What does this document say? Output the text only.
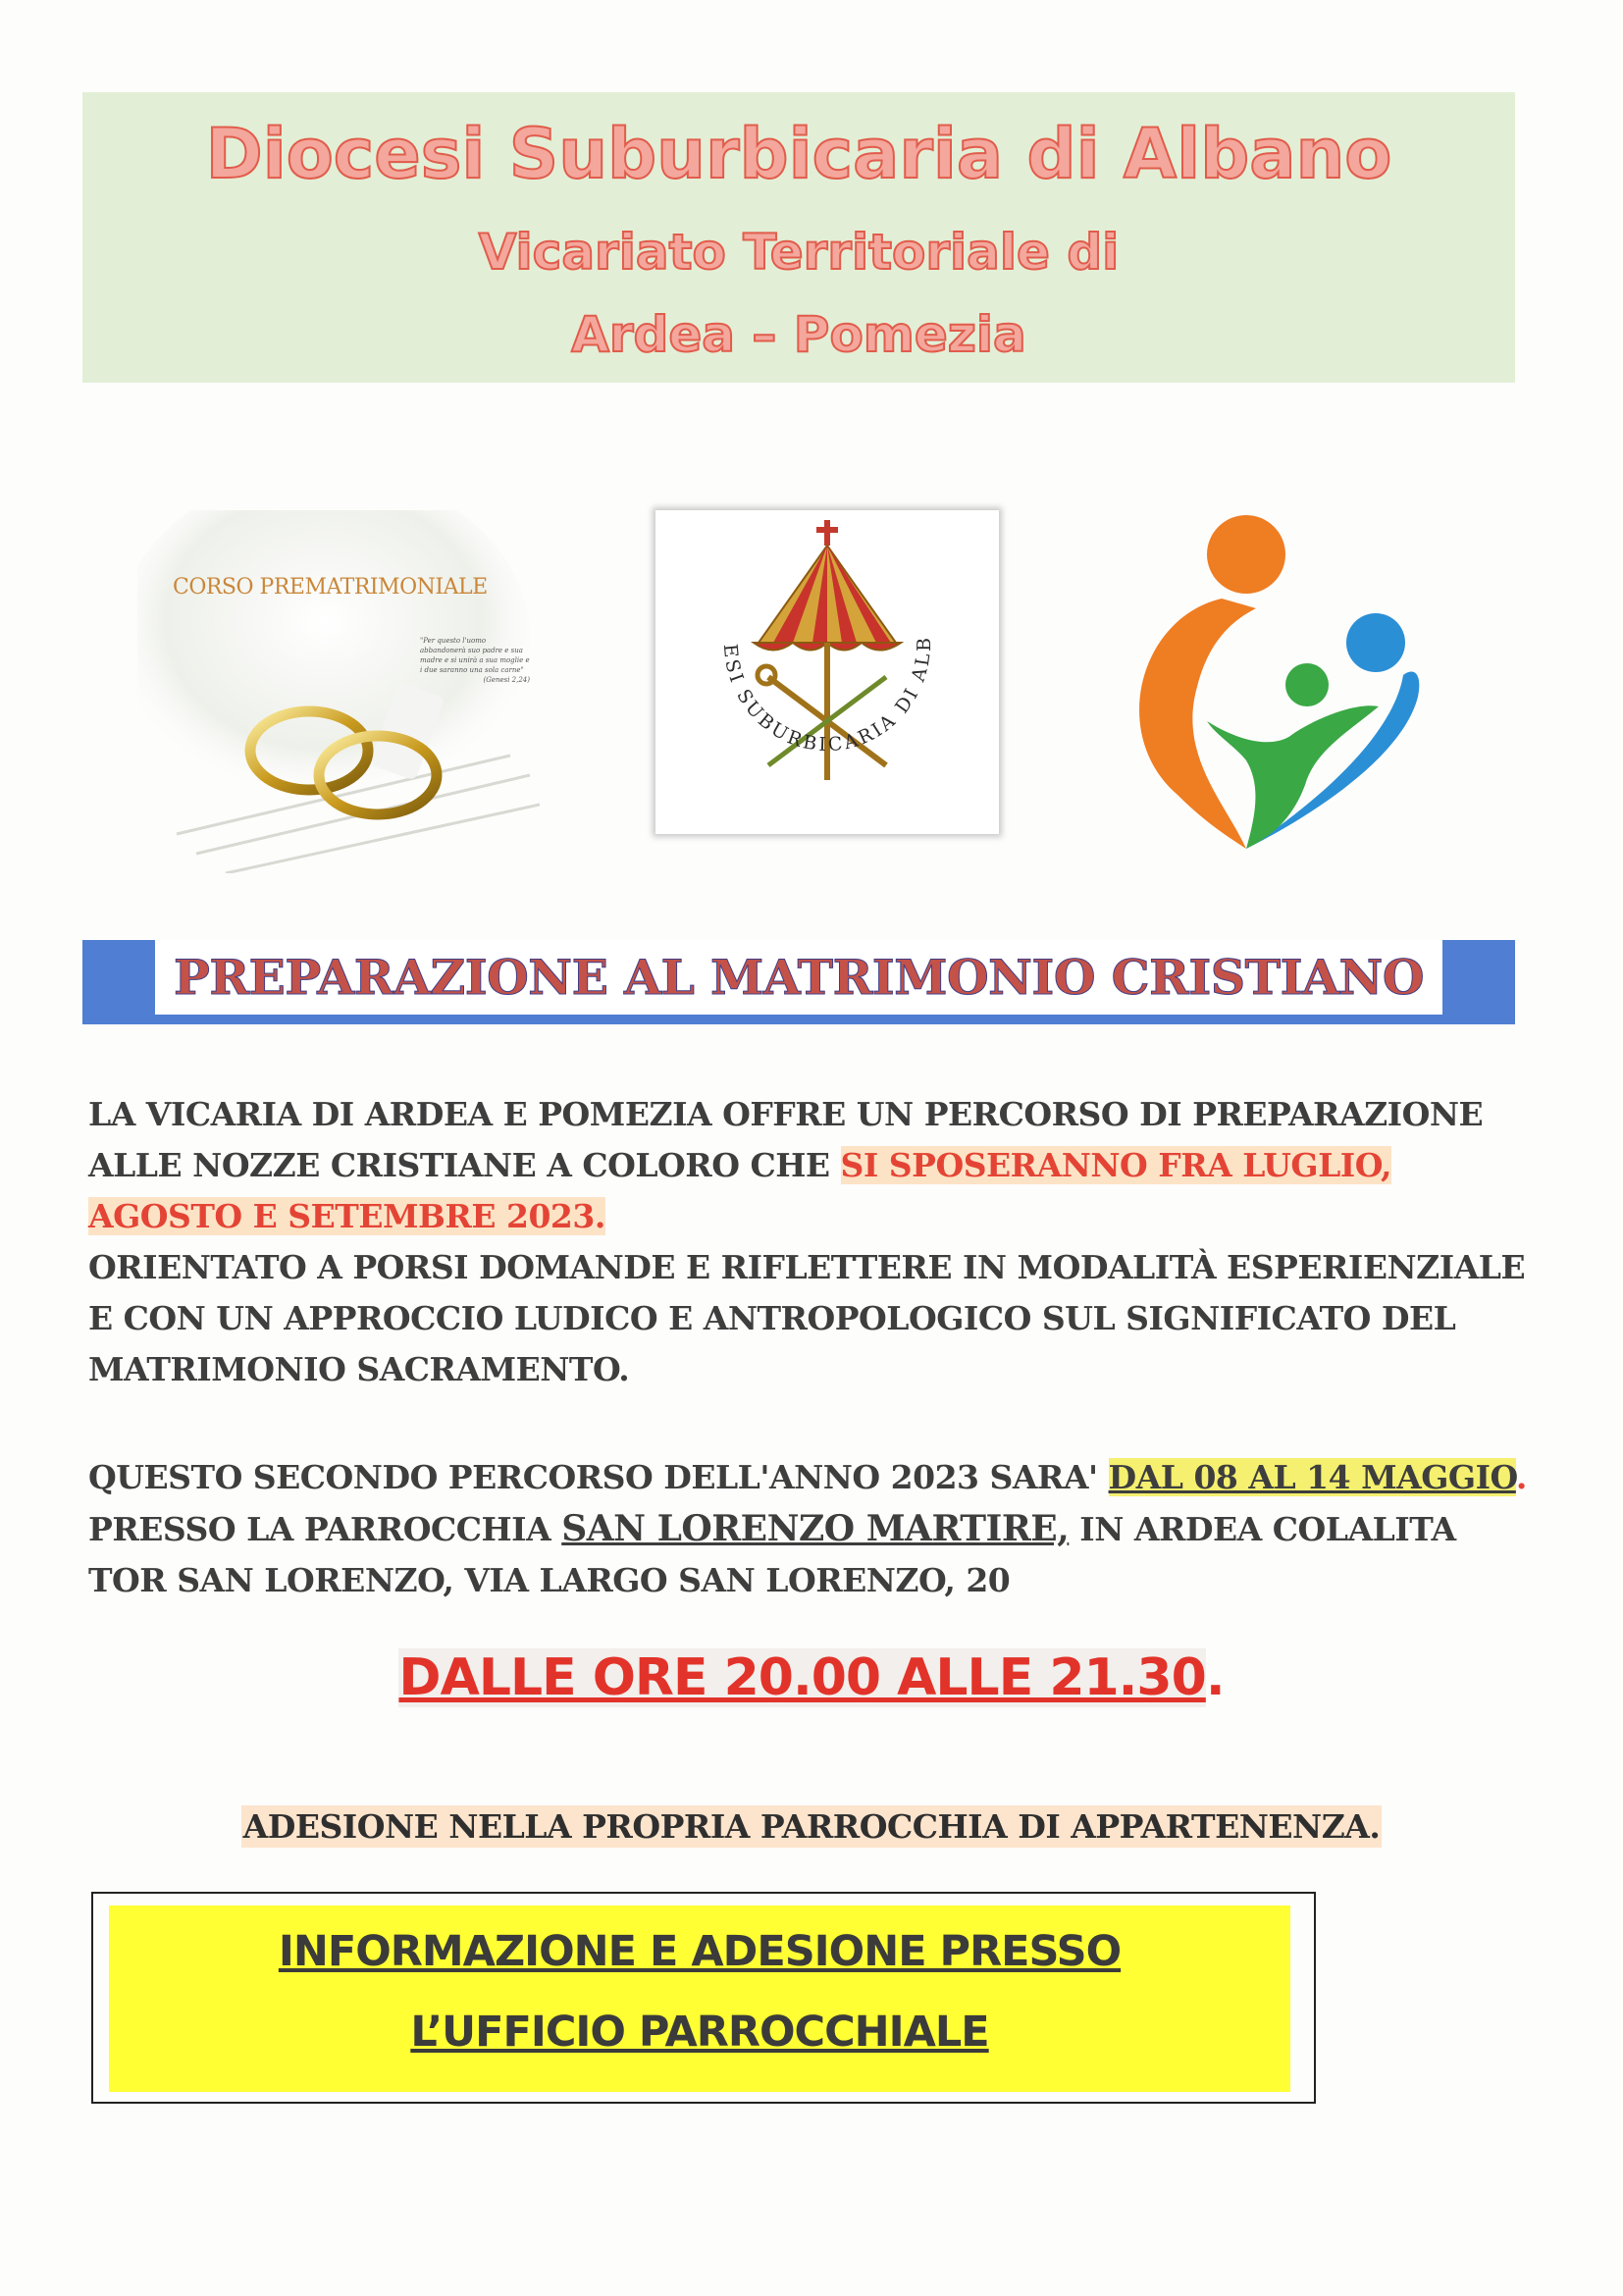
Diocesi Suburbicaria di Albano
Vicariato Territoriale di
Ardea – Pomezia
CORSO PREMATRIMONIALE
"Per questo l'uomo abbandonerà suo padre e sua madre e si unirà a sua moglie e i due saranno una sola carne"
(Genesi 2,24)
ESI SUBURBICARIA DI ALB
PREPARAZIONE AL MATRIMONIO CRISTIANO
LA VICARIA DI ARDEA E POMEZIA OFFRE UN PERCORSO DI PREPARAZIONE ALLE NOZZE CRISTIANE A COLORO CHE SI SPOSERANNO FRA LUGLIO, AGOSTO E SETEMBRE 2023.
ORIENTATO A PORSI DOMANDE E RIFLETTERE IN MODALITÀ ESPERIENZIALE E CON UN APPROCCIO LUDICO E ANTROPOLOGICO SUL SIGNIFICATO DEL MATRIMONIO SACRAMENTO.
QUESTO SECONDO PERCORSO DELL'ANNO 2023 SARA' DAL 08 AL 14 MAGGIO.
PRESSO LA PARROCCHIA SAN LORENZO MARTIRE, IN ARDEA COLALITA TOR SAN LORENZO, VIA LARGO SAN LORENZO, 20
DALLE ORE 20.00 ALLE 21.30.
ADESIONE NELLA PROPRIA PARROCCHIA DI APPARTENENZA.
INFORMAZIONE E ADESIONE PRESSO
L’UFFICIO PARROCCHIALE
